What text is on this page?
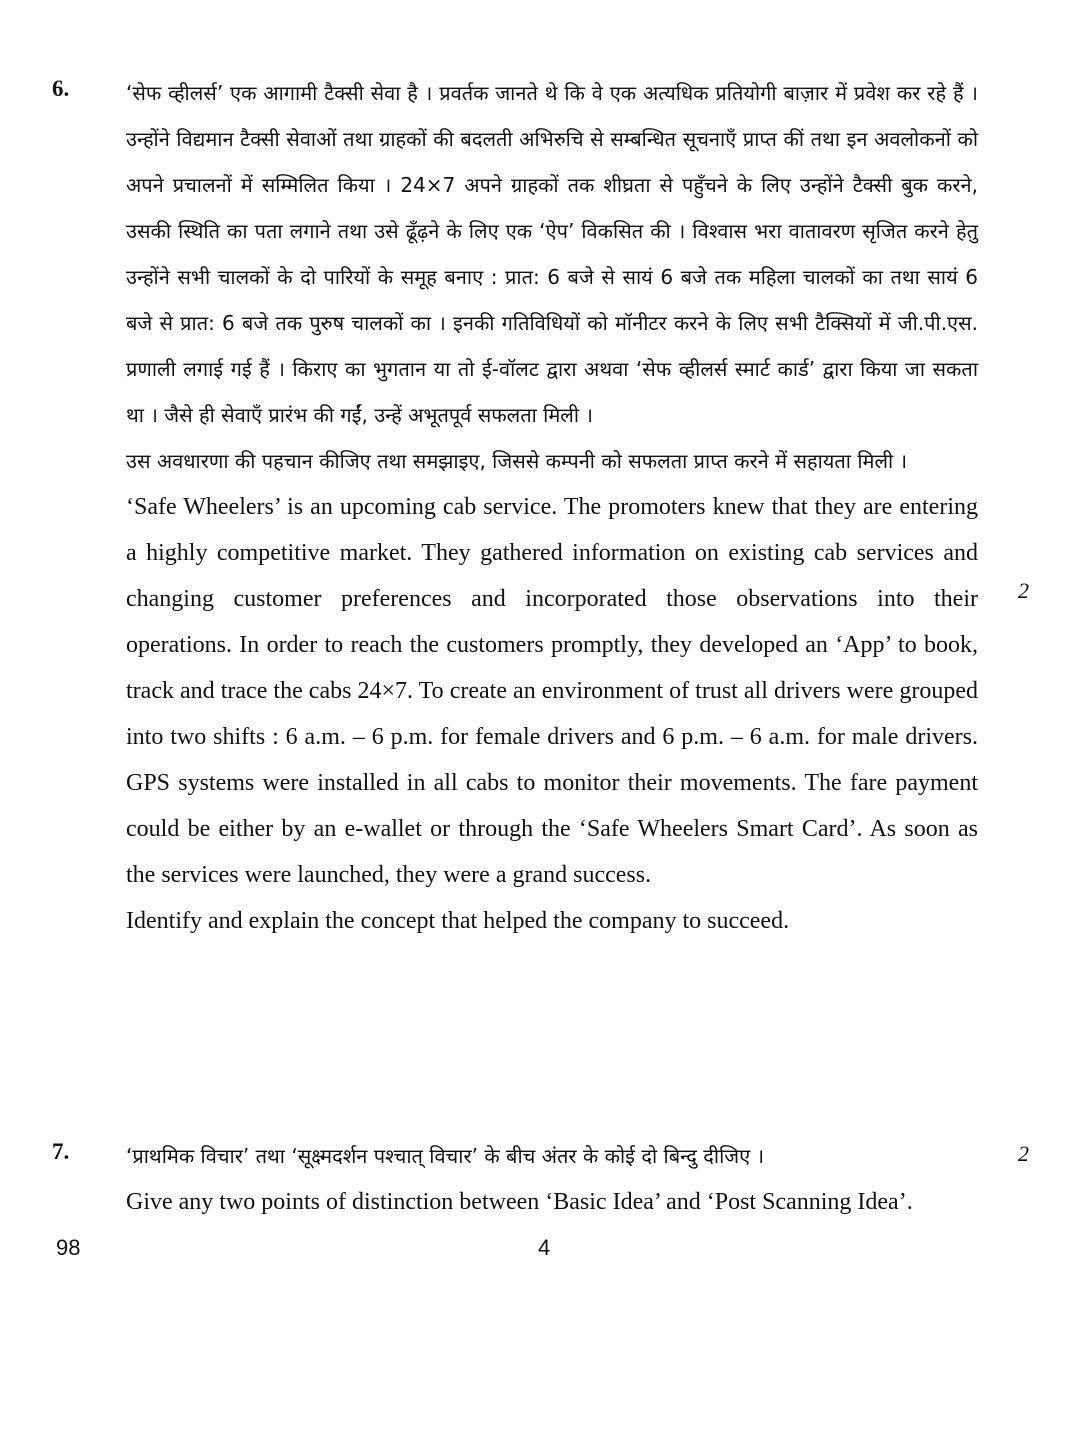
6.	‘सेफ व्हीलर्स’ एक आगामी टैक्सी सेवा है । प्रवर्तक जानते थे कि वे एक अत्यधिक प्रतियोगी बाज़ार में प्रवेश कर रहे हैं । उन्होंने विद्यमान टैक्सी सेवाओं तथा ग्राहकों की बदलती अभिरुचि से सम्बन्धित सूचनाएँ प्राप्त कीं तथा इन अवलोकनों को अपने प्रचालनों में सम्मिलित किया । 24×7 अपने ग्राहकों तक शीघ्रता से पहुँचने के लिए उन्होंने टैक्सी बुक करने, उसकी स्थिति का पता लगाने तथा उसे ढूँढ़ने के लिए एक ‘ऐप’ विकसित की । विश्वास भरा वातावरण सृजित करने हेतु उन्होंने सभी चालकों के दो पारियों के समूह बनाए : प्रात: 6 बजे से सायं 6 बजे तक महिला चालकों का तथा सायं 6 बजे से प्रात: 6 बजे तक पुरुष चालकों का । इनकी गतिविधियों को मॉनीटर करने के लिए सभी टैक्सियों में जी.पी.एस. प्रणाली लगाई गई हैं । किराए का भुगतान या तो ई-वॉलट द्वारा अथवा ‘सेफ व्हीलर्स स्मार्ट कार्ड’ द्वारा किया जा सकता था । जैसे ही सेवाएँ प्रारंभ की गईं, उन्हें अभूतपूर्व सफलता मिली ।

उस अवधारणा की पहचान कीजिए तथा समझाइए, जिससे कम्पनी को सफलता प्राप्त करने में सहायता मिली ।

‘Safe Wheelers’ is an upcoming cab service. The promoters knew that they are entering a highly competitive market. They gathered information on existing cab services and changing customer preferences and incorporated those observations into their operations. In order to reach the customers promptly, they developed an ‘App’ to book, track and trace the cabs 24×7. To create an environment of trust all drivers were grouped into two shifts : 6 a.m. – 6 p.m. for female drivers and 6 p.m. – 6 a.m. for male drivers. GPS systems were installed in all cabs to monitor their movements. The fare payment could be either by an e-wallet or through the ‘Safe Wheelers Smart Card’. As soon as the services were launched, they were a grand success.

Identify and explain the concept that helped the company to succeed.

2
7.	‘प्राथमिक विचार’ तथा ‘सूक्ष्मदर्शन पश्चात् विचार’ के बीच अंतर के कोई दो बिन्दु दीजिए ।

Give any two points of distinction between ‘Basic Idea’ and ‘Post Scanning Idea’.

2
98	4
